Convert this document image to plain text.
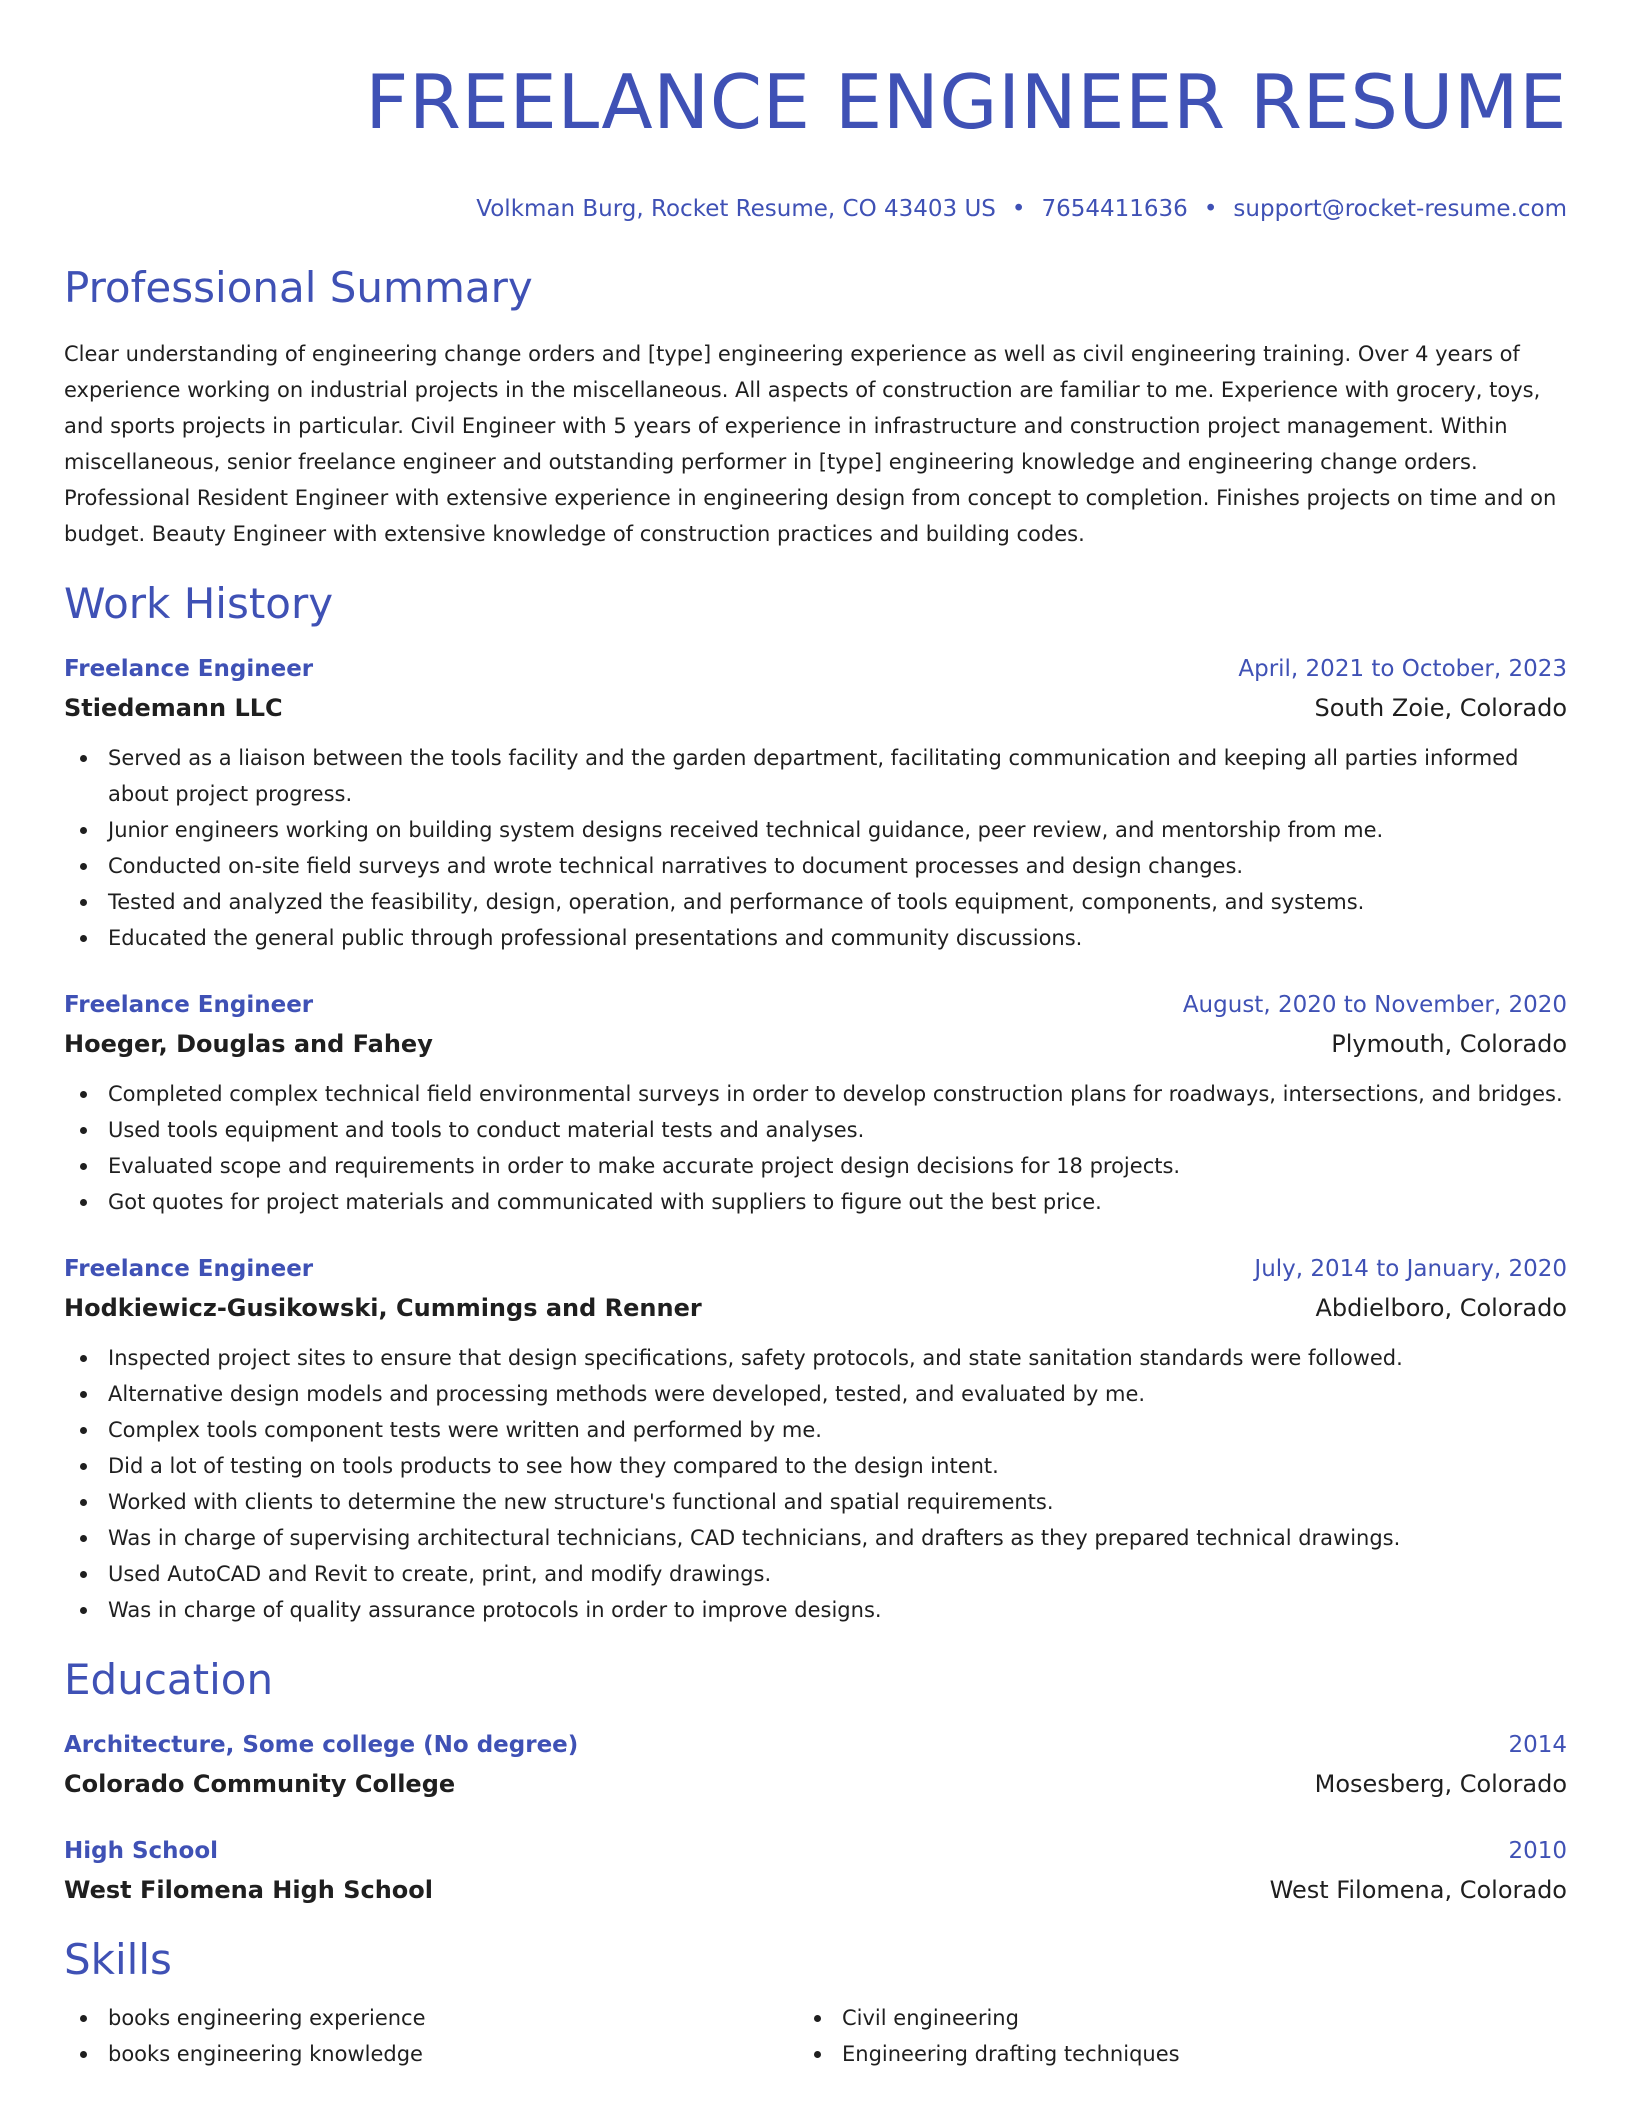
FREELANCE ENGINEER RESUME
Volkman Burg, Rocket Resume, CO 43403 US • 7654411636 • support@rocket-resume.com
Professional Summary

Clear understanding of engineering change orders and [type] engineering experience as well as civil engineering training. Over 4 years of experience working on industrial projects in the miscellaneous. All aspects of construction are familiar to me. Experience with grocery, toys, and sports projects in particular. Civil Engineer with 5 years of experience in infrastructure and construction project management. Within miscellaneous, senior freelance engineer and outstanding performer in [type] engineering knowledge and engineering change orders. Professional Resident Engineer with extensive experience in engineering design from concept to completion. Finishes projects on time and on budget. Beauty Engineer with extensive knowledge of construction practices and building codes.

Work History
Freelance Engineer	April, 2021 to October, 2023
Stiedemann LLC	South Zoie, Colorado
Served as a liaison between the tools facility and the garden department, facilitating communication and keeping all parties informed about project progress.
Junior engineers working on building system designs received technical guidance, peer review, and mentorship from me.
Conducted on-site field surveys and wrote technical narratives to document processes and design changes.
Tested and analyzed the feasibility, design, operation, and performance of tools equipment, components, and systems.
Educated the general public through professional presentations and community discussions.
Freelance Engineer	August, 2020 to November, 2020
Hoeger, Douglas and Fahey	Plymouth, Colorado
Completed complex technical field environmental surveys in order to develop construction plans for roadways, intersections, and bridges.
Used tools equipment and tools to conduct material tests and analyses.
Evaluated scope and requirements in order to make accurate project design decisions for 18 projects.
Got quotes for project materials and communicated with suppliers to figure out the best price.
Freelance Engineer	July, 2014 to January, 2020
Hodkiewicz-Gusikowski, Cummings and Renner	Abdielboro, Colorado
Inspected project sites to ensure that design specifications, safety protocols, and state sanitation standards were followed.
Alternative design models and processing methods were developed, tested, and evaluated by me.
Complex tools component tests were written and performed by me.
Did a lot of testing on tools products to see how they compared to the design intent.
Worked with clients to determine the new structure's functional and spatial requirements.
Was in charge of supervising architectural technicians, CAD technicians, and drafters as they prepared technical drawings.
Used AutoCAD and Revit to create, print, and modify drawings.
Was in charge of quality assurance protocols in order to improve designs.
Education
Architecture, Some college (No degree)	2014
Colorado Community College	Mosesberg, Colorado
High School	2010
West Filomena High School	West Filomena, Colorado
Skills
books engineering experience
books engineering knowledge
Civil engineering
Engineering drafting techniques
